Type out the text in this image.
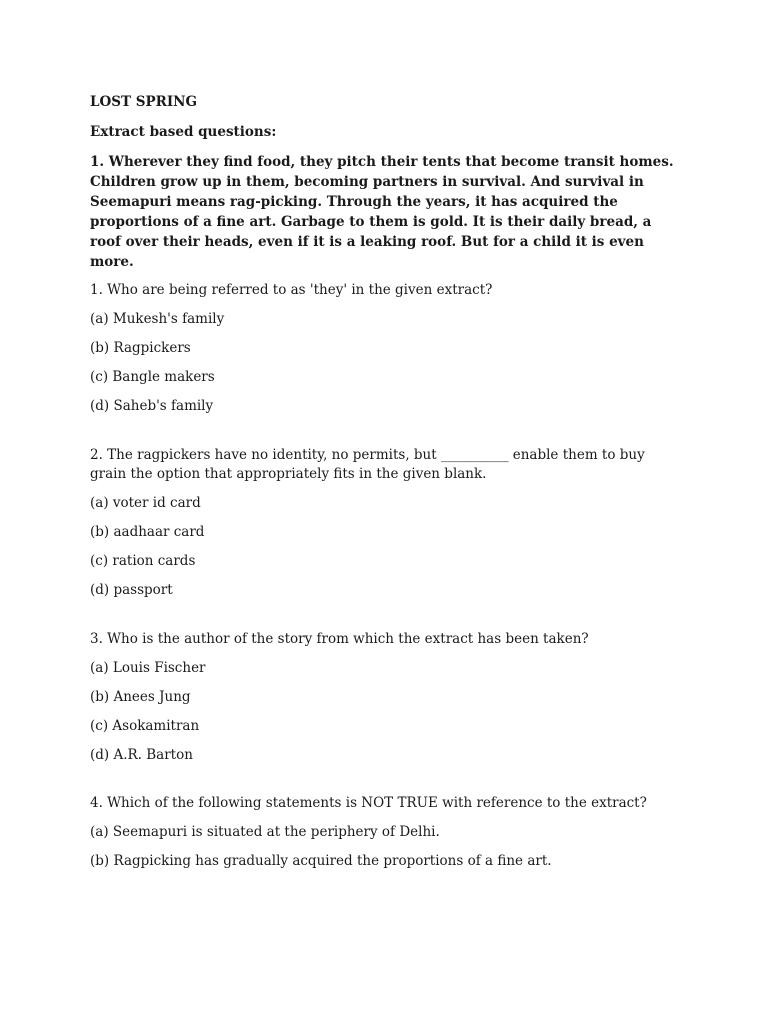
LOST SPRING
Extract based questions:
1. Wherever they find food, they pitch their tents that become transit homes. Children grow up in them, becoming partners in survival. And survival in Seemapuri means rag-picking. Through the years, it has acquired the proportions of a fine art. Garbage to them is gold. It is their daily bread, a roof over their heads, even if it is a leaking roof. But for a child it is even more.
1. Who are being referred to as 'they' in the given extract?
(a) Mukesh's family
(b) Ragpickers
(c) Bangle makers
(d) Saheb's family
2. The ragpickers have no identity, no permits, but __________ enable them to buy grain the option that appropriately fits in the given blank.
(a) voter id card
(b) aadhaar card
(c) ration cards
(d) passport
3. Who is the author of the story from which the extract has been taken?
(a) Louis Fischer
(b) Anees Jung
(c) Asokamitran
(d) A.R. Barton
4. Which of the following statements is NOT TRUE with reference to the extract?
(a) Seemapuri is situated at the periphery of Delhi.
(b) Ragpicking has gradually acquired the proportions of a fine art.
